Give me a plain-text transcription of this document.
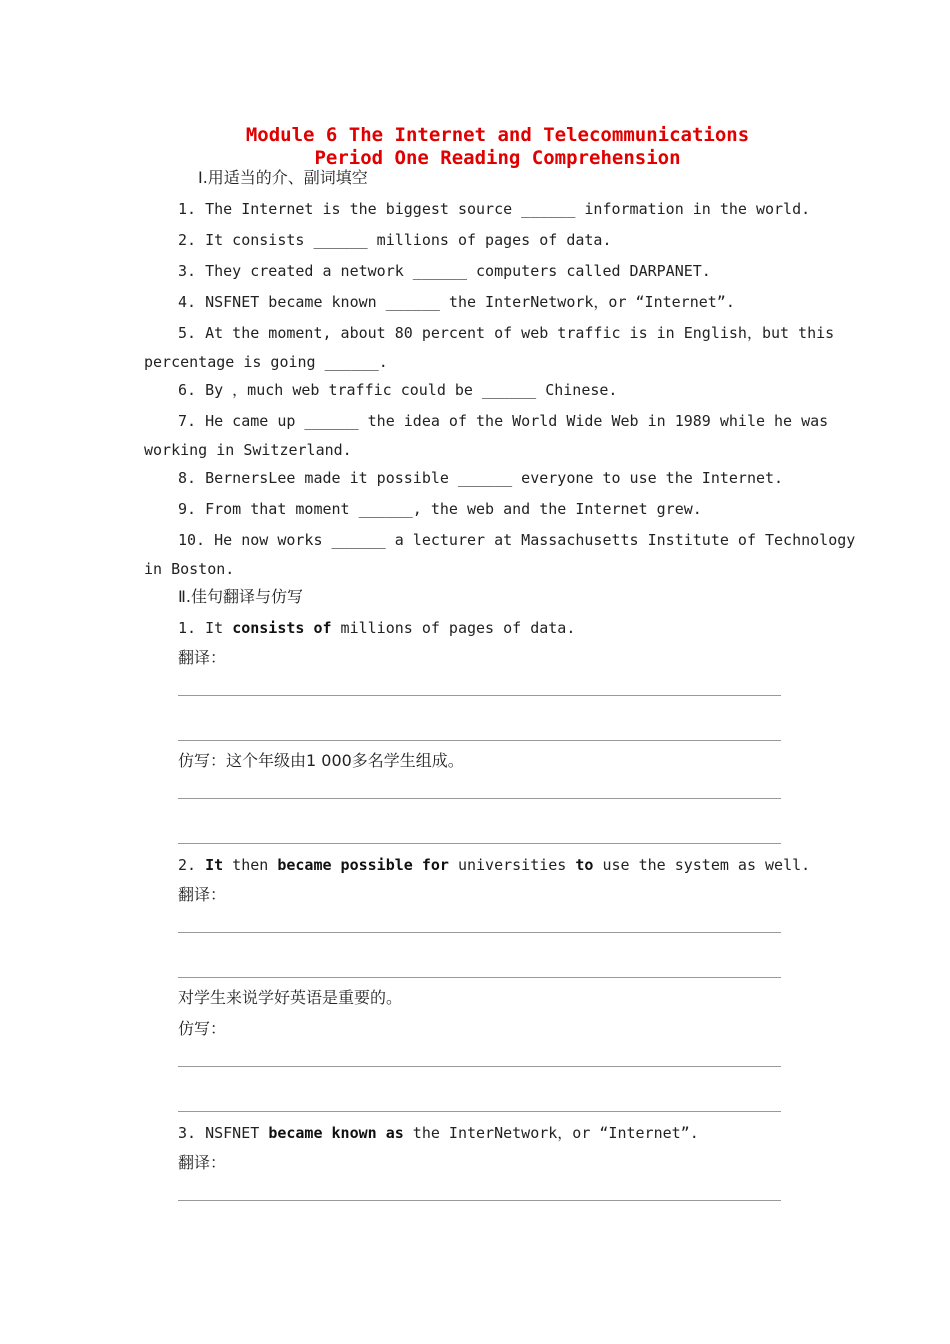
Module 6 The Internet and Telecommunications
Period One Reading Comprehension
Ⅰ.用适当的介、副词填空
1. The Internet is the biggest source ______ information in the world.
2. It consists ______ millions of pages of data.
3. They created a network ______ computers called DARPANET.
4. NSFNET became known ______ the InterNetwork，or “Internet”.
5. At the moment, about 80 percent of web traffic is in English，but this
percentage is going ______.
6. By ，much web traffic could be ______ Chinese.
7. He came up ______ the idea of the World Wide Web in 1989 while he was
working in Switzerland.
8. BernersLee made it possible ______ everyone to use the Internet.
9. From that moment ______, the web and the Internet grew.
10. He now works ______ a lecturer at Massachusetts Institute of Technology
in Boston.
Ⅱ.佳句翻译与仿写
1. It consists of millions of pages of data.
翻译：
仿写：这个年级由1 000多名学生组成。
2. It then became possible for universities to use the system as well.
翻译：
对学生来说学好英语是重要的。
仿写：
3. NSFNET became known as the InterNetwork，or “Internet”.
翻译：
